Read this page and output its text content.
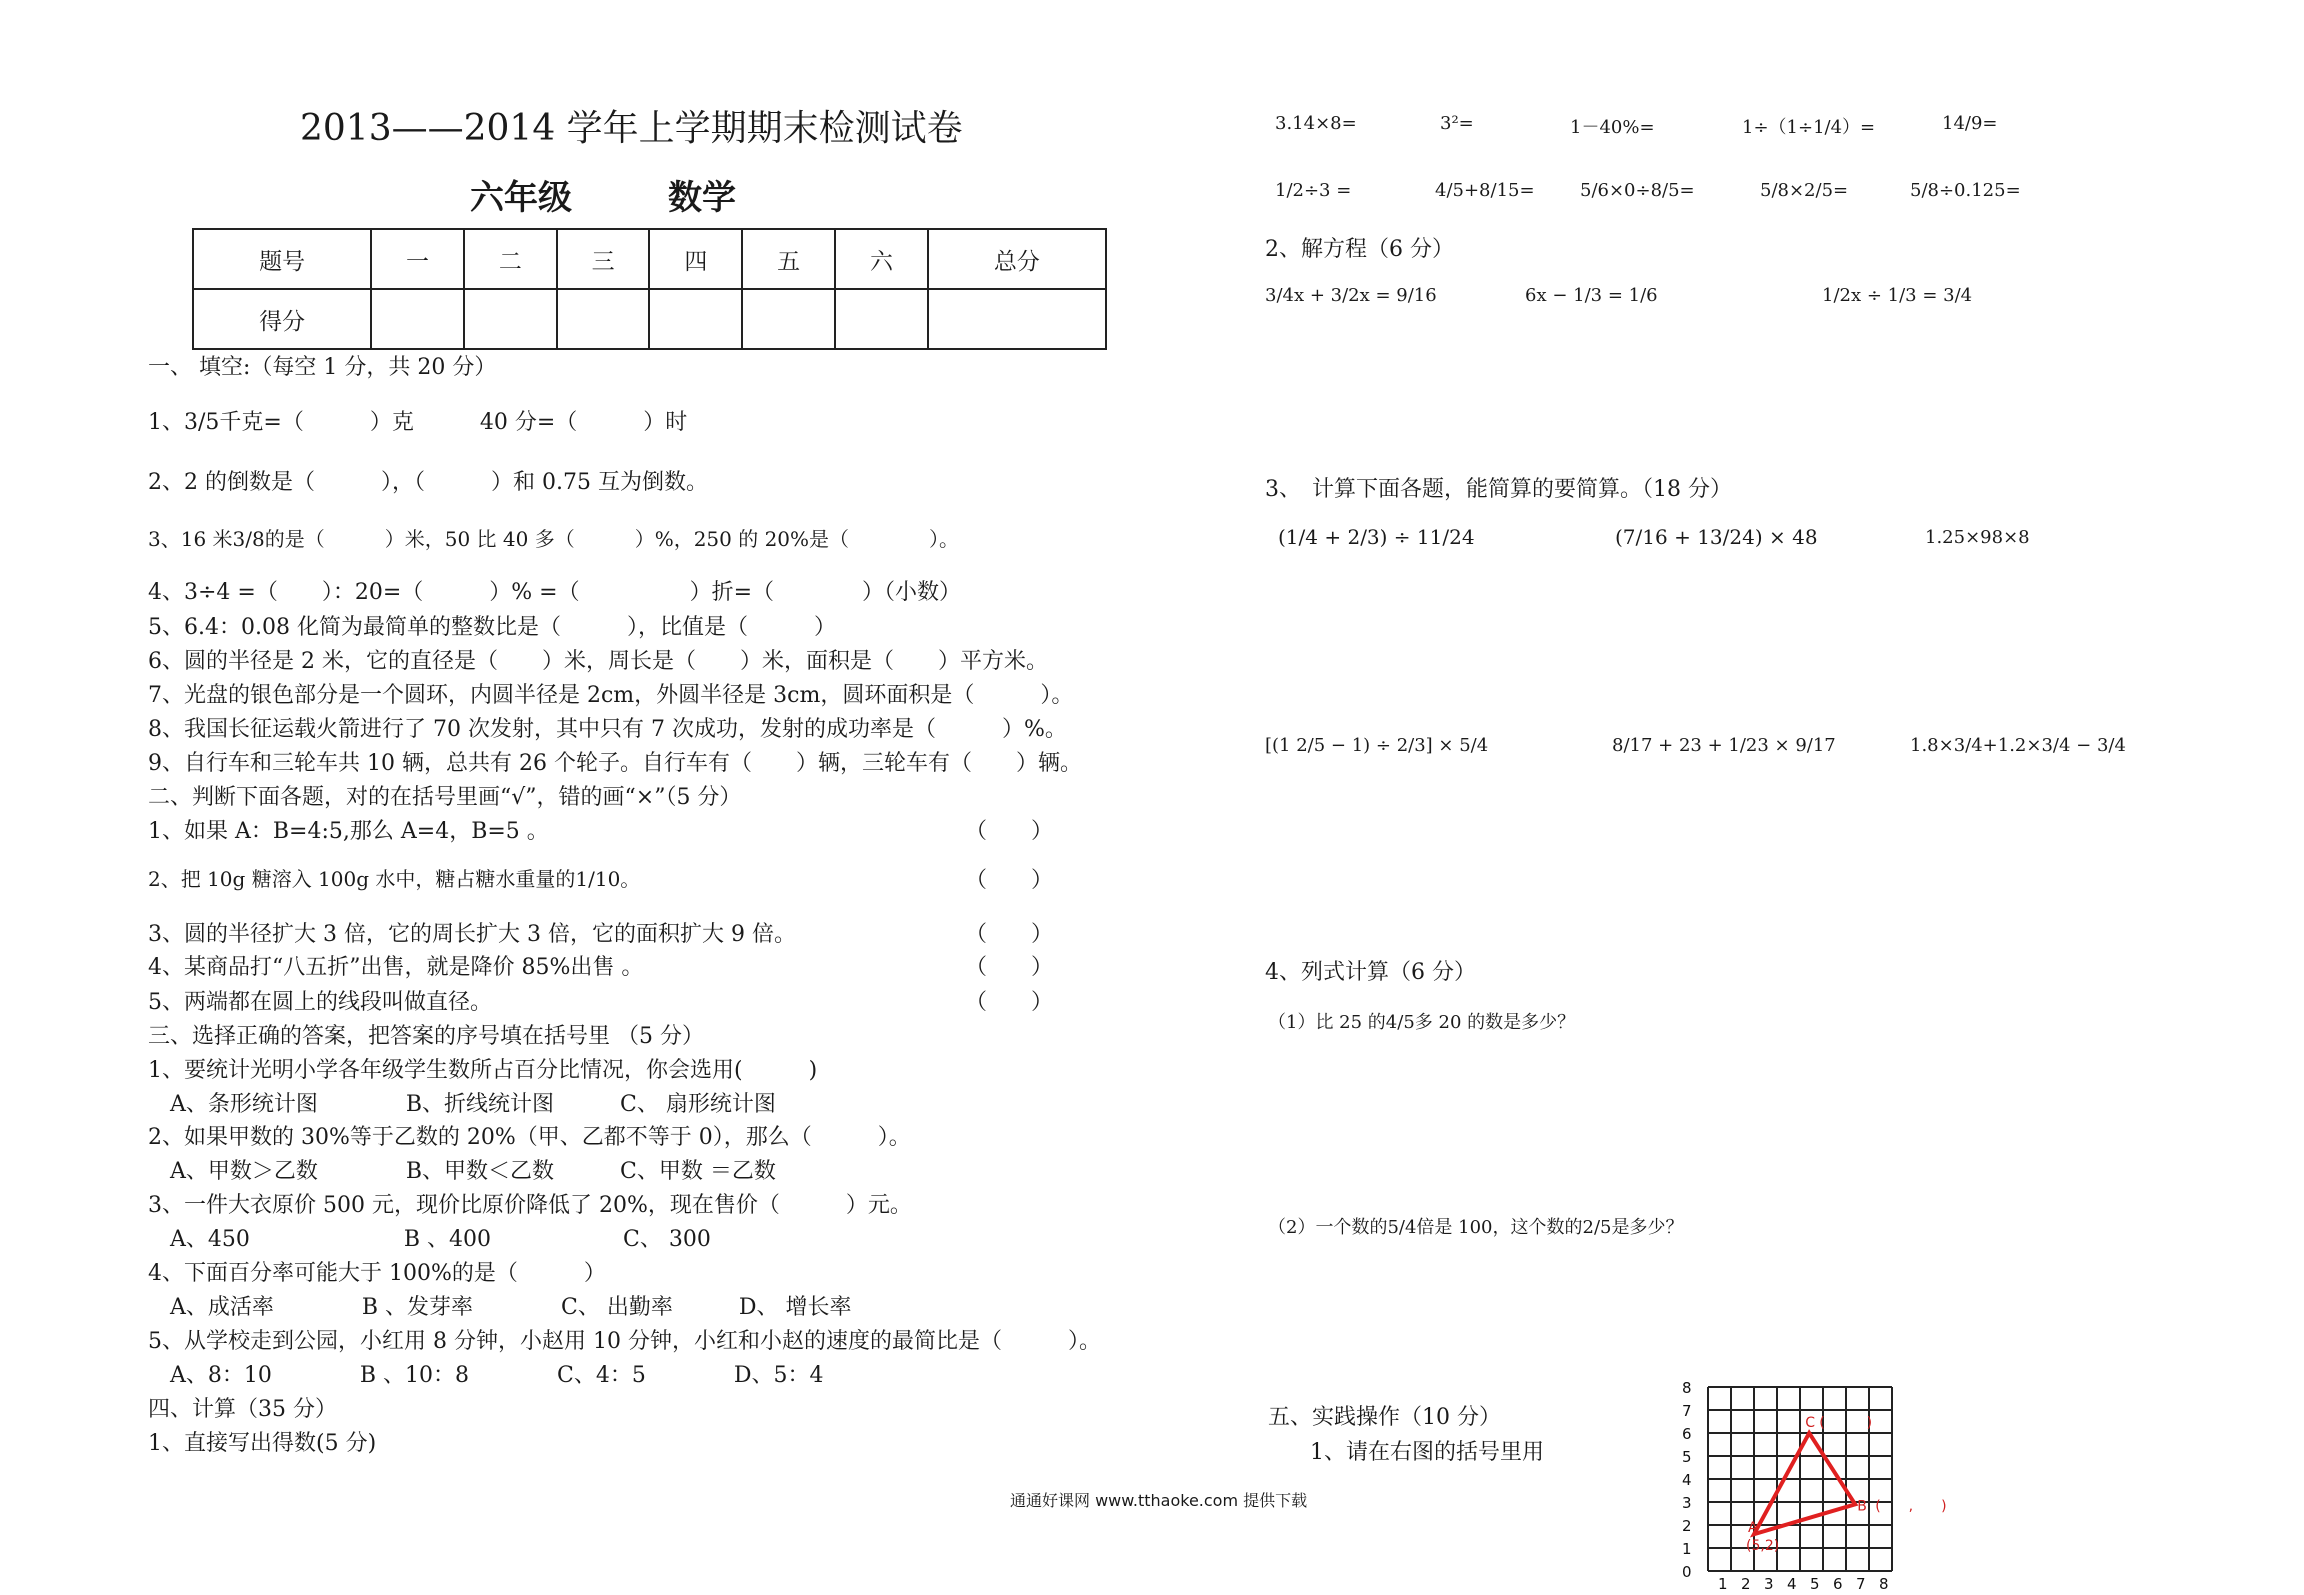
2013——2014 学年上学期期末检测试卷
六年级	数学
题号	一	二	三	四	五	六	总分
得分							
一、 填空:（每空 1 分，共 20 分）
1、3/5千克=（　　　）克　　　40 分=（　　　）时
2、2 的倒数是（　　　），（　　　）和 0.75 互为倒数。
3、16 米3/8的是（　　　）米，50 比 40 多（　　　）%，250 的 20%是（　　　　）。
4、3÷4 =（　　）：20=（　　　）% =（　　　　　）折=（　　　　）（小数）
5、6.4：0.08 化简为最简单的整数比是（　　　），比值是（　　　）
6、圆的半径是 2 米，它的直径是（　　）米，周长是（　　）米，面积是（　　）平方米。
7、光盘的银色部分是一个圆环，内圆半径是 2cm，外圆半径是 3cm，圆环面积是（　　　）。
8、我国长征运载火箭进行了 70 次发射，其中只有 7 次成功，发射的成功率是（　　　）%。
9、自行车和三轮车共 10 辆，总共有 26 个轮子。自行车有（　　）辆，三轮车有（　　）辆。
二、判断下面各题，对的在括号里画“√”，错的画“×”（5 分）
1、如果 A：B=4:5,那么 A=4，B=5 。	（　　）
2、把 10g 糖溶入 100g 水中，糖占糖水重量的1/10。	（　　）
3、圆的半径扩大 3 倍，它的周长扩大 3 倍，它的面积扩大 9 倍。	（　　）
4、某商品打“八五折”出售，就是降价 85%出售 。	（　　）
5、两端都在圆上的线段叫做直径。	（　　）
三、选择正确的答案，把答案的序号填在括号里 （5 分）
1、要统计光明小学各年级学生数所占百分比情况，你会选用(　　　)
A、条形统计图　　　　B、折线统计图　　　C、 扇形统计图
2、如果甲数的 30%等于乙数的 20%（甲、乙都不等于 0），那么（　　　）。
A、甲数＞乙数　　　　B、甲数＜乙数　　　C、甲数 ＝乙数
3、一件大衣原价 500 元，现价比原价降低了 20%，现在售价（　　　）元。
A、450　　　　　　　B 、400　　　　　　C、 300
4、下面百分率可能大于 100%的是（　　　）
A、成活率　　　　B 、发芽率　　　　C、 出勤率　　　D、 增长率
5、从学校走到公园，小红用 8 分钟，小赵用 10 分钟，小红和小赵的速度的最简比是（　　　）。
A、8：10　　　　B 、10：8　　　　C、4：5　　　　D、5：4
四、计算（35 分）
1、直接写出得数(5 分)
3.14×8=	3²=	1－40%=	1÷（1÷1/4）=	14/9=
1/2÷3 =	4/5+8/15=	5/6×0÷8/5=	5/8×2/5=	5/8÷0.125=
2、解方程（6 分）
3/4x + 3/2x = 9/16	6x − 1/3 = 1/6	1/2x ÷ 1/3 = 3/4
3、　计算下面各题，能简算的要简算。（18 分）
(1/4 + 2/3) ÷ 11/24	(7/16 + 13/24) × 48	1.25×98×8
[(1 2/5 − 1) ÷ 2/3] × 5/4	8/17 + 23 + 1/23 × 9/17	1.8×3/4+1.2×3/4 − 3/4
4、列式计算（6 分）
（1）比 25 的4/5多 20 的数是多少？
（2）一个数的5/4倍是 100，这个数的2/5是多少？
五、实践操作（10 分）
1、请在右图的括号里用
通通好课网 www.tthaoke.com 提供下载
8
7
6
5
4
3
2
1
0
1 2 3 4 5 6 7 8
A
(5,2)
B (　　,　　)
C (　　　)
